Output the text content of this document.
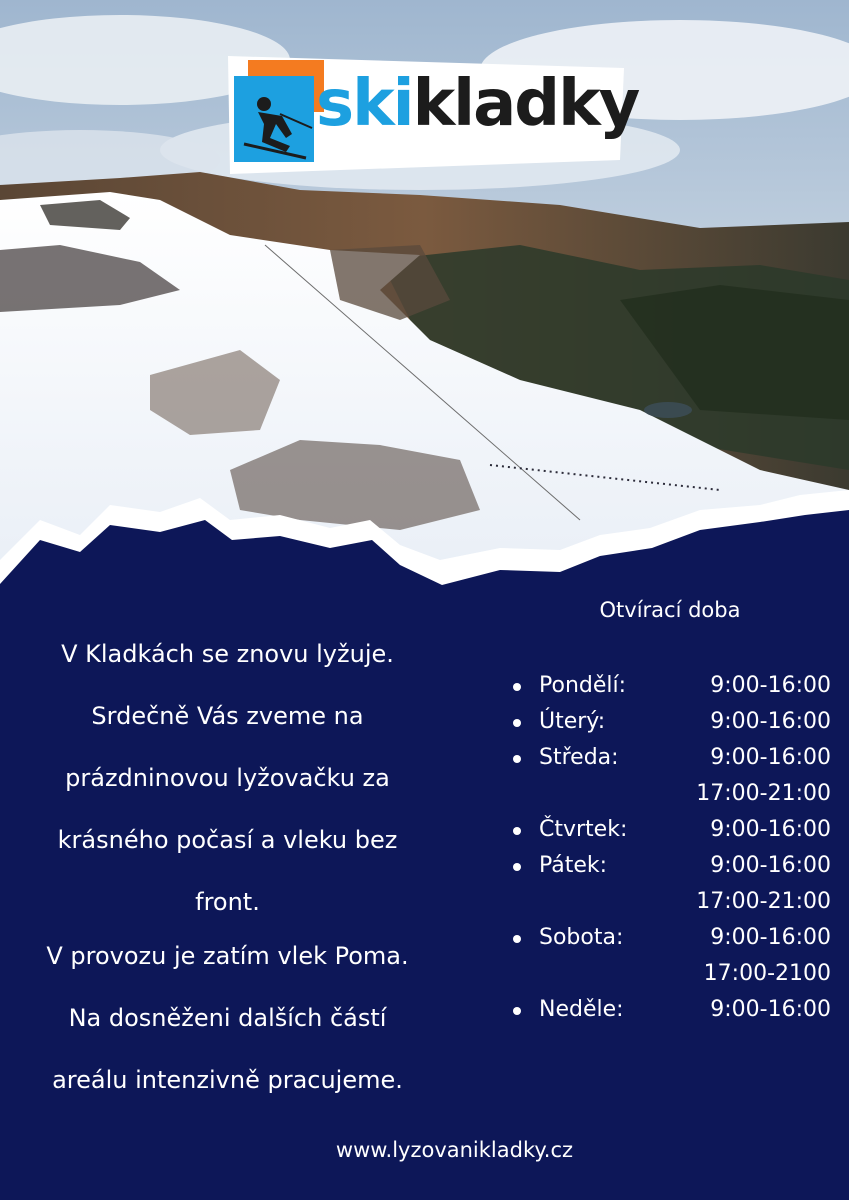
skikladky

V Kladkách se znovu lyžuje.

Srdečně Vás zveme na

prázdninovou lyžovačku za

krásného počasí a vleku bez

front.

V provozu je zatím vlek Poma.

Na dosněženi dalších částí

areálu intenzivně pracujeme.

Otvírací doba
Pondělí:	9:00-16:00
Úterý:	9:00-16:00
Středa:	9:00-16:00
17:00-21:00
Čtvrtek:	9:00-16:00
Pátek:	9:00-16:00
17:00-21:00
Sobota:	9:00-16:00
17:00-2100
Neděle:	9:00-16:00
www.lyzovanikladky.cz
